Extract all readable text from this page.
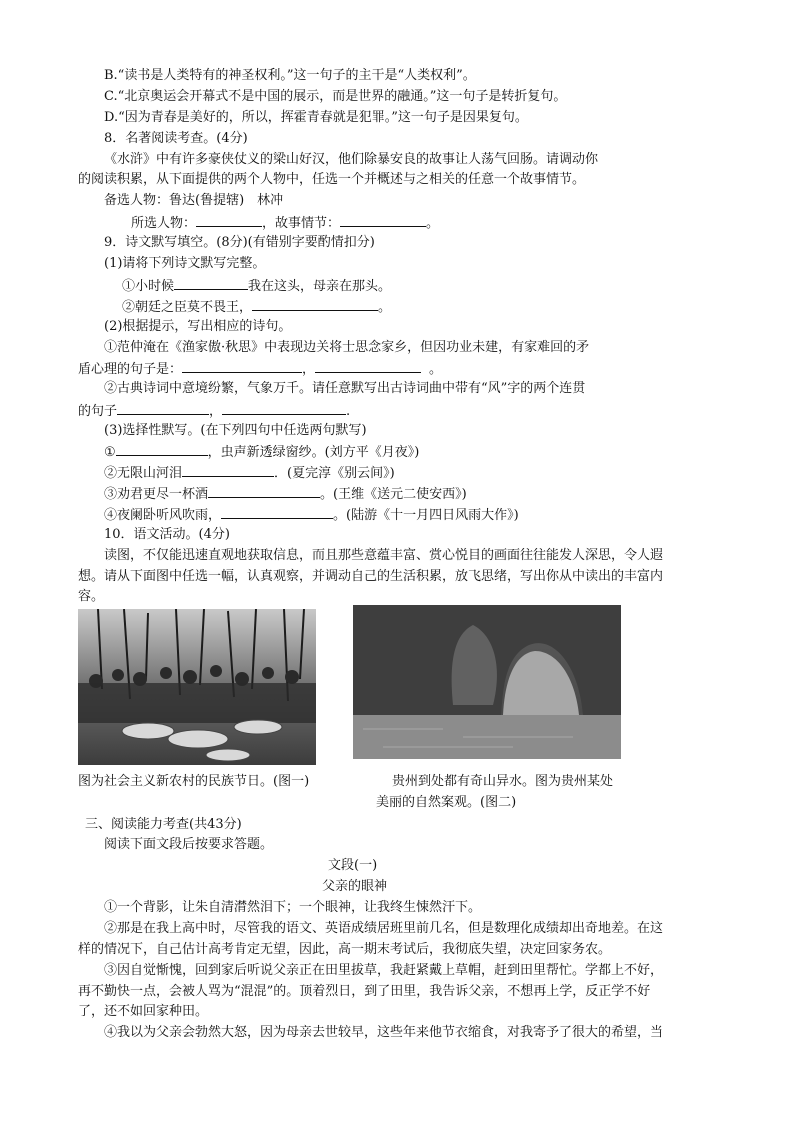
B.“读书是人类特有的神圣权利。”这一句子的主干是“人类权利”。
C.“北京奥运会开幕式不是中国的展示，而是世界的融通。”这一句子是转折复句。
D.“因为青春是美好的，所以，挥霍青春就是犯罪。”这一句子是因果复句。
8．名著阅读考查。(4分)
《水浒》中有许多豪侠仗义的梁山好汉，他们除暴安良的故事让人荡气回肠。请调动你
的阅读积累，从下面提供的两个人物中，任选一个并概述与之相关的任意一个故事情节。
备选人物：鲁达(鲁提辖)　林冲
所选人物：	，故事情节：	。
9．诗文默写填空。(8分)(有错别字要酌情扣分)
(1)请将下列诗文默写完整。
①小时候	我在这头，母亲在那头。
②朝廷之臣莫不畏王，	。
(2)根据提示，写出相应的诗句。
①范仲淹在《渔家傲·秋思》中表现边关将士思念家乡，但因功业未建，有家难回的矛
盾心理的句子是：	，	。
②古典诗词中意境纷繁，气象万千。请任意默写出古诗词曲中带有“风”字的两个连贯
的句子	，	.
(3)选择性默写。(在下列四句中任选两句默写)
①	，虫声新透绿窗纱。(刘方平《月夜》)
②无限山河泪	．(夏完淳《别云间》)
③劝君更尽一杯酒	。(王维《送元二使安西》)
④夜阑卧听风吹雨，	。(陆游《十一月四日风雨大作》)
10．语文活动。(4分)
读图，不仅能迅速直观地获取信息，而且那些意蕴丰富、赏心悦目的画面往往能发人深思，令人遐
想。请从下面图中任选一幅，认真观察，并调动自己的生活积累，放飞思绪，写出你从中读出的丰富内
容。
图为社会主义新农村的民族节日。(图一)	贵州到处都有奇山异水。图为贵州某处
美丽的自然案观。(图二)
三、阅读能力考查(共43分)
阅读下面文段后按要求答题。
文段(一)
父亲的眼神
①一个背影，让朱自清潸然泪下；一个眼神，让我终生悚然汗下。
②那是在我上高中时，尽管我的语文、英语成绩居班里前几名，但是数理化成绩却出奇地差。在这
样的情况下，自己估计高考肯定无望，因此，高一期末考试后，我彻底失望，决定回家务农。
③因自觉惭愧，回到家后听说父亲正在田里拔草，我赶紧戴上草帽，赶到田里帮忙。学都上不好，
再不勤快一点，会被人骂为“混混”的。顶着烈日，到了田里，我告诉父亲，不想再上学，反正学不好
了，还不如回家种田。
④我以为父亲会勃然大怒，因为母亲去世较早，这些年来他节衣缩食，对我寄予了很大的希望，当
